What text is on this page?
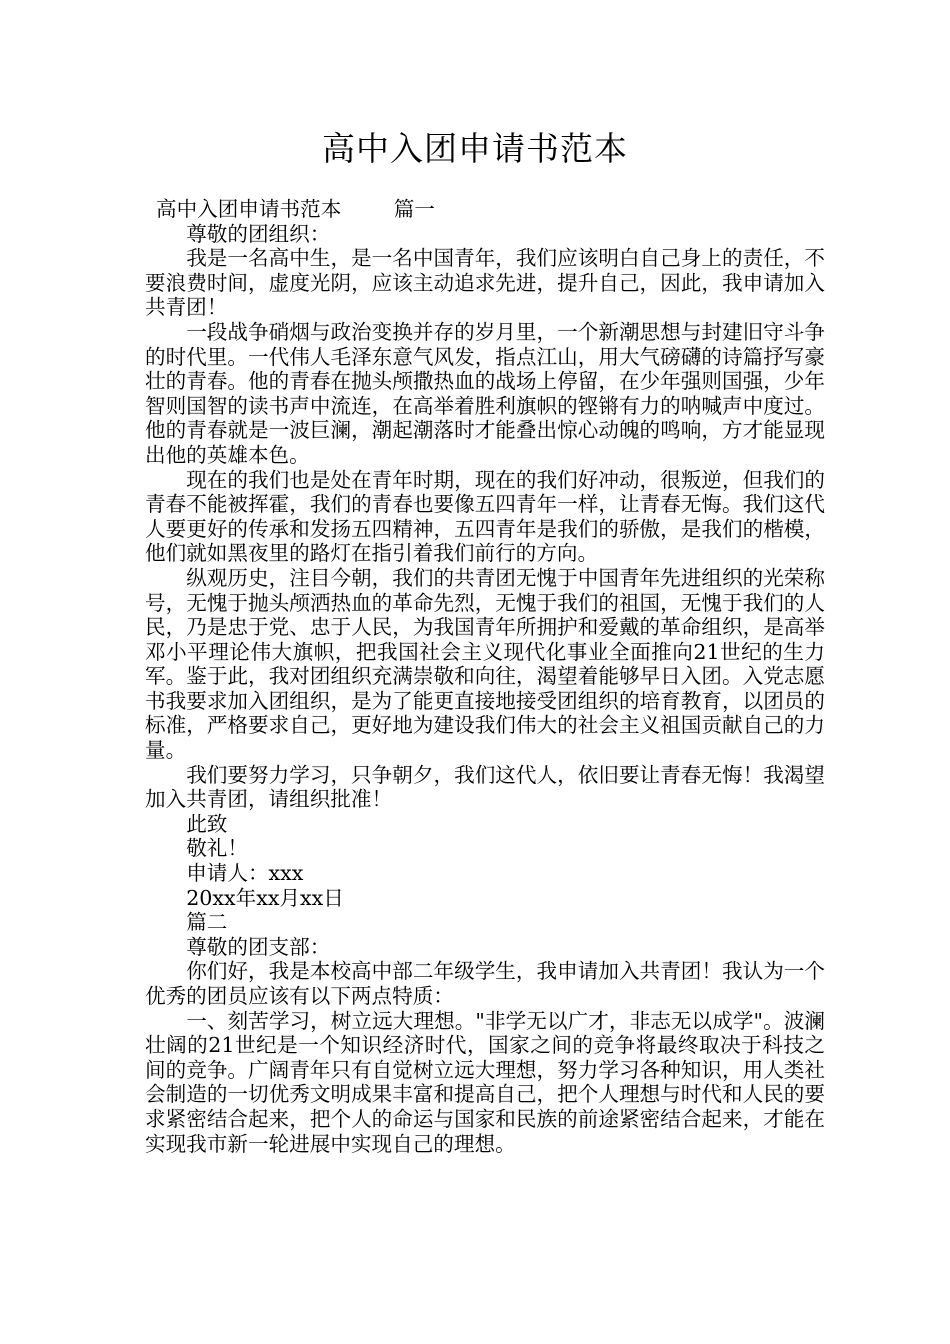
高中入团申请书范本

高中入团申请书范本        篇一

尊敬的团组织：

我是一名高中生，是一名中国青年，我们应该明白自己身上的责任，不要浪费时间，虚度光阴，应该主动追求先进，提升自己，因此，我申请加入共青团！

一段战争硝烟与政治变换并存的岁月里，一个新潮思想与封建旧守斗争的时代里。一代伟人毛泽东意气风发，指点江山，用大气磅礴的诗篇抒写豪壮的青春。他的青春在抛头颅撒热血的战场上停留，在少年强则国强，少年智则国智的读书声中流连，在高举着胜利旗帜的铿锵有力的呐喊声中度过。他的青春就是一波巨澜，潮起潮落时才能叠出惊心动魄的鸣响，方才能显现出他的英雄本色。

现在的我们也是处在青年时期，现在的我们好冲动，很叛逆，但我们的青春不能被挥霍，我们的青春也要像五四青年一样，让青春无悔。我们这代人要更好的传承和发扬五四精神，五四青年是我们的骄傲，是我们的楷模，他们就如黑夜里的路灯在指引着我们前行的方向。

纵观历史，注目今朝，我们的共青团无愧于中国青年先进组织的光荣称号，无愧于抛头颅洒热血的革命先烈，无愧于我们的祖国，无愧于我们的人民，乃是忠于党、忠于人民，为我国青年所拥护和爱戴的革命组织，是高举邓小平理论伟大旗帜，把我国社会主义现代化事业全面推向21世纪的生力军。鉴于此，我对团组织充满崇敬和向往，渴望着能够早日入团。入党志愿书我要求加入团组织，是为了能更直接地接受团组织的培育教育，以团员的标准，严格要求自己，更好地为建设我们伟大的社会主义祖国贡献自己的力量。

我们要努力学习，只争朝夕，我们这代人，依旧要让青春无悔！我渴望加入共青团，请组织批准！

此致

敬礼！

申请人：xxx

20xx年xx月xx日

篇二

尊敬的团支部：

你们好，我是本校高中部二年级学生，我申请加入共青团！我认为一个优秀的团员应该有以下两点特质：

一、刻苦学习，树立远大理想。"非学无以广才，非志无以成学"。波澜壮阔的21世纪是一个知识经济时代，国家之间的竞争将最终取决于科技之间的竞争。广阔青年只有自觉树立远大理想，努力学习各种知识，用人类社会制造的一切优秀文明成果丰富和提高自己，把个人理想与时代和人民的要求紧密结合起来，把个人的命运与国家和民族的前途紧密结合起来，才能在实现我市新一轮进展中实现自己的理想。
